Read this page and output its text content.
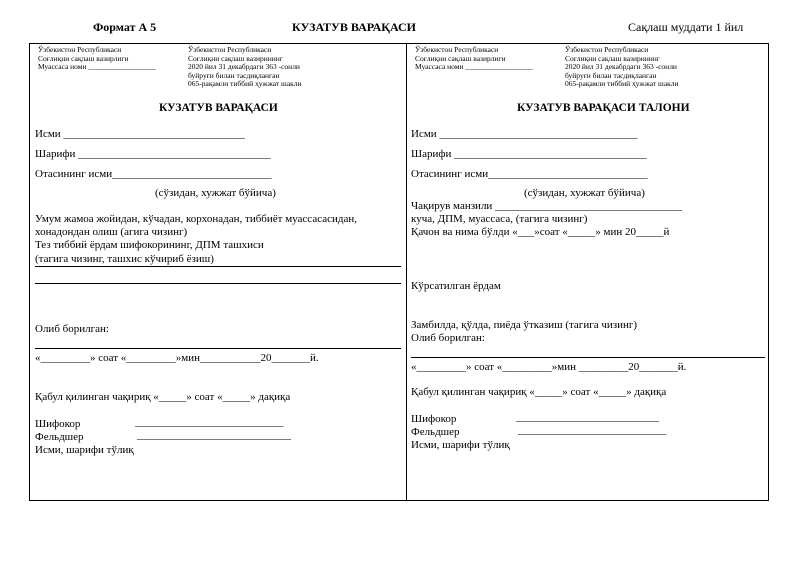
Формат А 5	КУЗАТУВ ВАРАҚАСИ	Сақлаш муддати 1 йил
Ўзбекистон Республикаси
Соғлиқни сақлаш вазирлиги
Муассаса номи __________________
Ўзбекистон Республикаси
Соғлиқни сақлаш вазирининг
2020 йил 31 декабрдаги 363 -сонли
буйруғи билан тасдиқланган
065-рақамли тиббий ҳужжат шакли
КУЗАТУВ ВАРАҚАСИ
Исми _________________________________
Шарифи ___________________________________
Отасининг исми_____________________________
(сўзидан, хужжат бўйича)
Умум жамоа жойидан, кўчадан, корхонадан, тиббиёт муассасасидан,
хонадондан олиш (агига чизинг)
Тез тиббий ёрдам шифокорининг, ДПМ ташхиси
(тагига чизинг, ташхис кўчириб ёзиш)
Олиб борилган:
«_________» соат «_________»мин___________20_______й.
Қабул қилинган чақириқ «_____» соат «_____» дақиқа
Шифокор	___________________________
Фельдшер	____________________________
Исми, шарифи тўлиқ
Ўзбекистон Республикаси
Соғлиқни сақлаш вазирлиги
Муассаса номи __________________
Ўзбекистон Республикаси
Соғлиқни сақлаш вазирининг
2020 йил 31 декабрдаги 363 -сонли
буйруғи билан тасдиқланган
065-рақамли тиббий ҳужжат шакли
КУЗАТУВ ВАРАҚАСИ ТАЛОНИ
Исми ____________________________________
Шарифи ___________________________________
Отасининг исми_____________________________
(сўзидан, хужжат бўйича)
Чақирув манзили __________________________________
куча, ДПМ, муассаса, (тагига чизинг)
Қачон ва нима бўлди «___»соат «_____» мин 20_____й
Кўрсатилган ёрдам
Замбилда, қўлда, пиёда ўтказиш (тагига чизинг)
Олиб борилган:
«_________» соат «_________»мин _________20_______й.
Қабул қилинган чақириқ «_____» соат «_____» дақиқа
Шифокор	__________________________
Фельдшер	___________________________
Исми, шарифи тўлиқ
